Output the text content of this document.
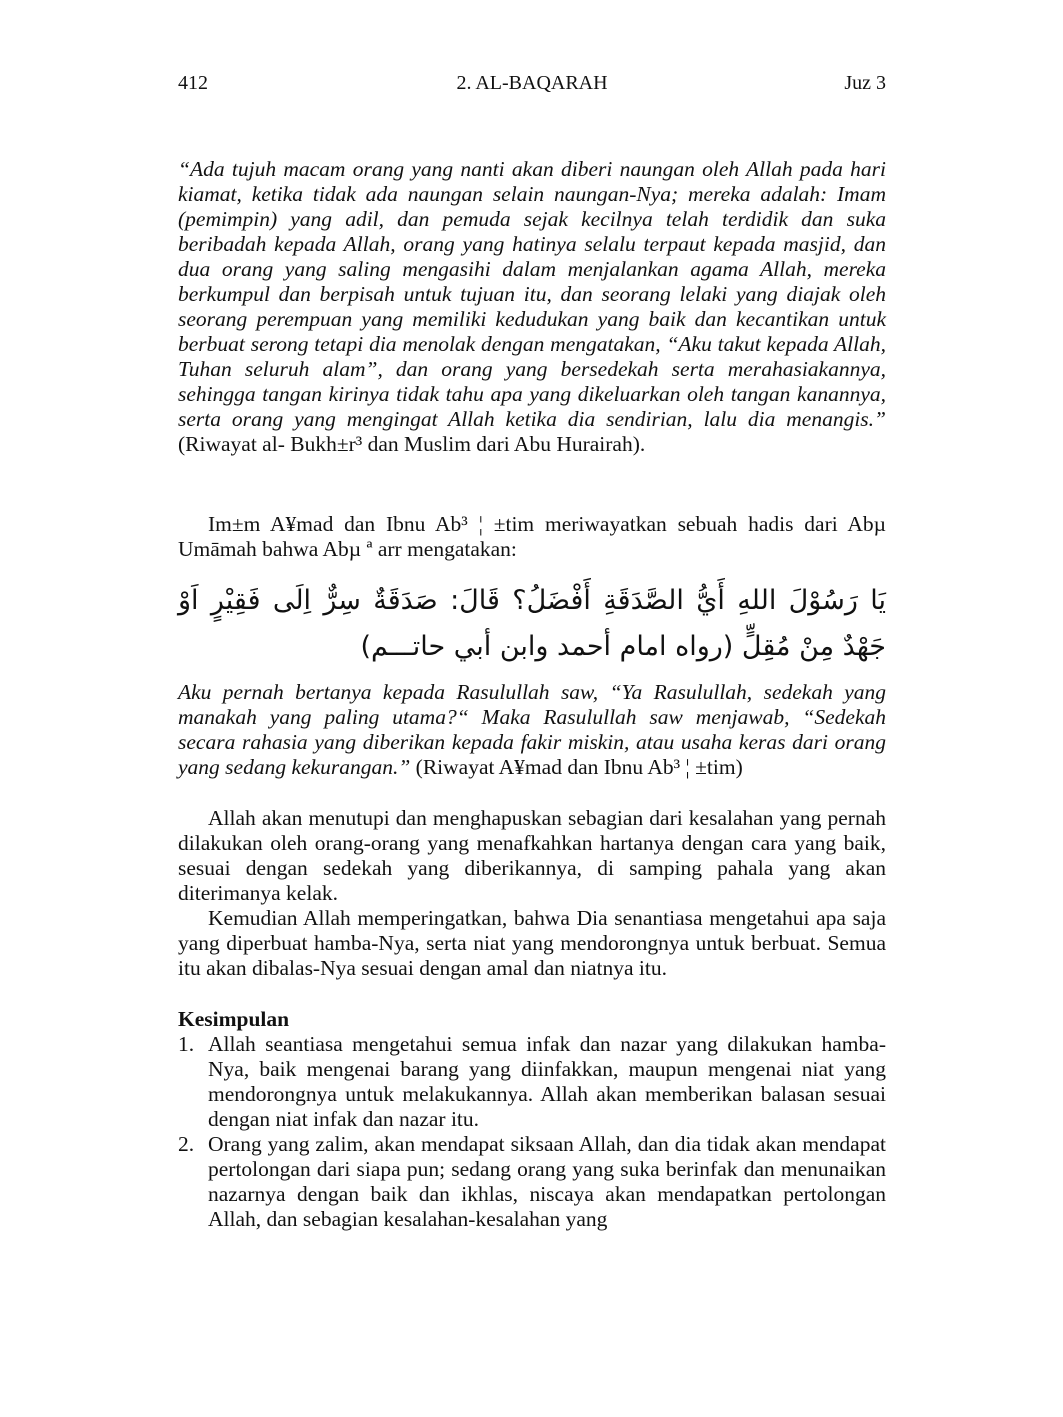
412	2. AL-BAQARAH	Juz 3

“Ada tujuh macam orang yang nanti akan diberi naungan oleh Allah pada hari kiamat, ketika tidak ada naungan selain naungan-Nya; mereka adalah: Imam (pemimpin) yang adil, dan pemuda sejak kecilnya telah terdidik dan suka beribadah kepada Allah, orang yang hatinya selalu terpaut kepada masjid, dan dua orang yang saling mengasihi dalam menjalankan agama Allah, mereka berkumpul dan berpisah untuk tujuan itu, dan seorang lelaki yang diajak oleh seorang perempuan yang memiliki kedudukan yang baik dan kecantikan untuk berbuat serong tetapi dia menolak dengan mengatakan, “Aku takut kepada Allah, Tuhan seluruh alam”, dan orang yang bersedekah serta merahasiakannya, sehingga tangan kirinya tidak tahu apa yang dikeluarkan oleh tangan kanannya, serta orang yang mengingat Allah ketika dia sendirian, lalu dia menangis.” (Riwayat al- Bukh±r³ dan Muslim dari Abu Hurairah).

Im±m A¥mad dan Ibnu Ab³ ¦ ±tim meriwayatkan sebuah hadis dari Abµ Umāmah bahwa Abµ ª arr mengatakan:

يَا رَسُوْلَ اللهِ أَيُّ الصَّدَقَةِ أَفْضَلُ؟ قَالَ: صَدَقَةٌ سِرٌّ اِلَى فَقِيْرٍ اَوْ جَهْدٌ مِنْ مُقِلٍّ (رواه امام أحمد وابن أبي حاتـــم)

Aku pernah bertanya kepada Rasulullah saw, “Ya Rasulullah, sedekah yang manakah yang paling utama?“ Maka Rasulullah saw menjawab, “Sedekah secara rahasia yang diberikan kepada fakir miskin, atau usaha keras dari orang yang sedang kekurangan.” (Riwayat A¥mad dan Ibnu Ab³ ¦ ±tim)

Allah akan menutupi dan menghapuskan sebagian dari kesalahan yang pernah dilakukan oleh orang-orang yang menafkahkan hartanya dengan cara yang baik, sesuai dengan sedekah yang diberikannya, di samping pahala yang akan diterimanya kelak.

Kemudian Allah memperingatkan, bahwa Dia senantiasa mengetahui apa saja yang diperbuat hamba-Nya, serta niat yang mendorongnya untuk berbuat. Semua itu akan dibalas-Nya sesuai dengan amal dan niatnya itu.

Kesimpulan

1. Allah seantiasa mengetahui semua infak dan nazar yang dilakukan hamba-Nya, baik mengenai barang yang diinfakkan, maupun mengenai niat yang mendorongnya untuk melakukannya. Allah akan memberikan balasan sesuai dengan niat infak dan nazar itu.
2. Orang yang zalim, akan mendapat siksaan Allah, dan dia tidak akan mendapat pertolongan dari siapa pun; sedang orang yang suka berinfak dan menunaikan nazarnya dengan baik dan ikhlas, niscaya akan mendapatkan pertolongan Allah, dan sebagian kesalahan-kesalahan yang
